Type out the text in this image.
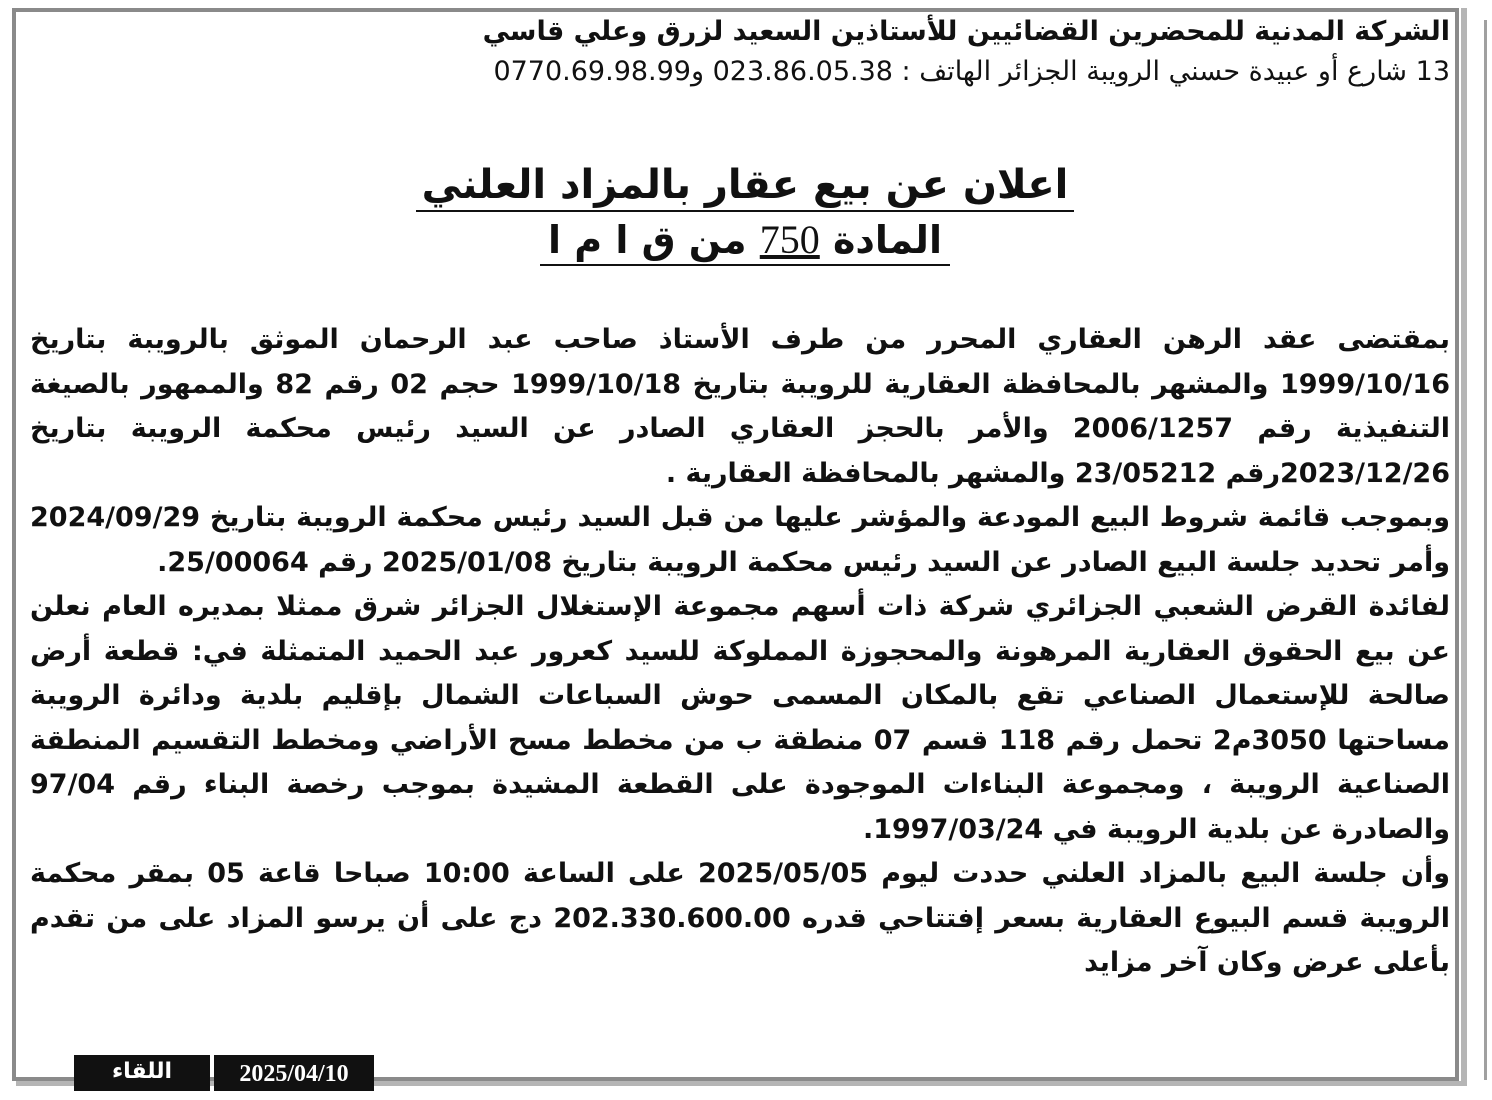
الشركة المدنية للمحضرين القضائيين للأستاذين السعيد لزرق وعلي قاسي
13 شارع أو عبيدة حسني الرويبة الجزائر الهاتف : 023.86.05.38 و0770.69.98.99
اعلان عن بيع عقار بالمزاد العلني
المادة 750 من ق ا م ا

بمقتضى عقد الرهن العقاري المحرر من طرف الأستاذ صاحب عبد الرحمان الموثق بالرويبة بتاريخ 1999/10/16 والمشهر بالمحافظة العقارية للرويبة بتاريخ 1999/10/18 حجم 02 رقم 82 والممهور بالصيغة التنفيذية رقم 2006/1257 والأمر بالحجز العقاري الصادر عن السيد رئيس محكمة الرويبة بتاريخ 2023/12/26رقم 23/05212 والمشهر بالمحافظة العقارية .

وبموجب قائمة شروط البيع المودعة والمؤشر عليها من قبل السيد رئيس محكمة الرويبة بتاريخ 2024/09/29 وأمر تحديد جلسة البيع الصادر عن السيد رئيس محكمة الرويبة بتاريخ 2025/01/08 رقم 25/00064.

لفائدة القرض الشعبي الجزائري شركة ذات أسهم مجموعة الإستغلال الجزائر شرق ممثلا بمديره العام نعلن عن بيع الحقوق العقارية المرهونة والمحجوزة المملوكة للسيد كعرور عبد الحميد المتمثلة في: قطعة أرض صالحة للإستعمال الصناعي تقع بالمكان المسمى حوش السباعات الشمال بإقليم بلدية ودائرة الرويبة مساحتها 3050م2 تحمل رقم 118 قسم 07 منطقة ب من مخطط مسح الأراضي ومخطط التقسيم المنطقة الصناعية الرويبة ، ومجموعة البناءات الموجودة على القطعة المشيدة بموجب رخصة البناء رقم 97/04 والصادرة عن بلدية الرويبة في 1997/03/24.

وأن جلسة البيع بالمزاد العلني حددت ليوم 2025/05/05 على الساعة 10:00 صباحا قاعة 05 بمقر محكمة الرويبة قسم البيوع العقارية بسعر إفتتاحي قدره 202.330.600.00 دج على أن يرسو المزاد على من تقدم بأعلى عرض وكان آخر مزايد

اللقاء	2025/04/10
